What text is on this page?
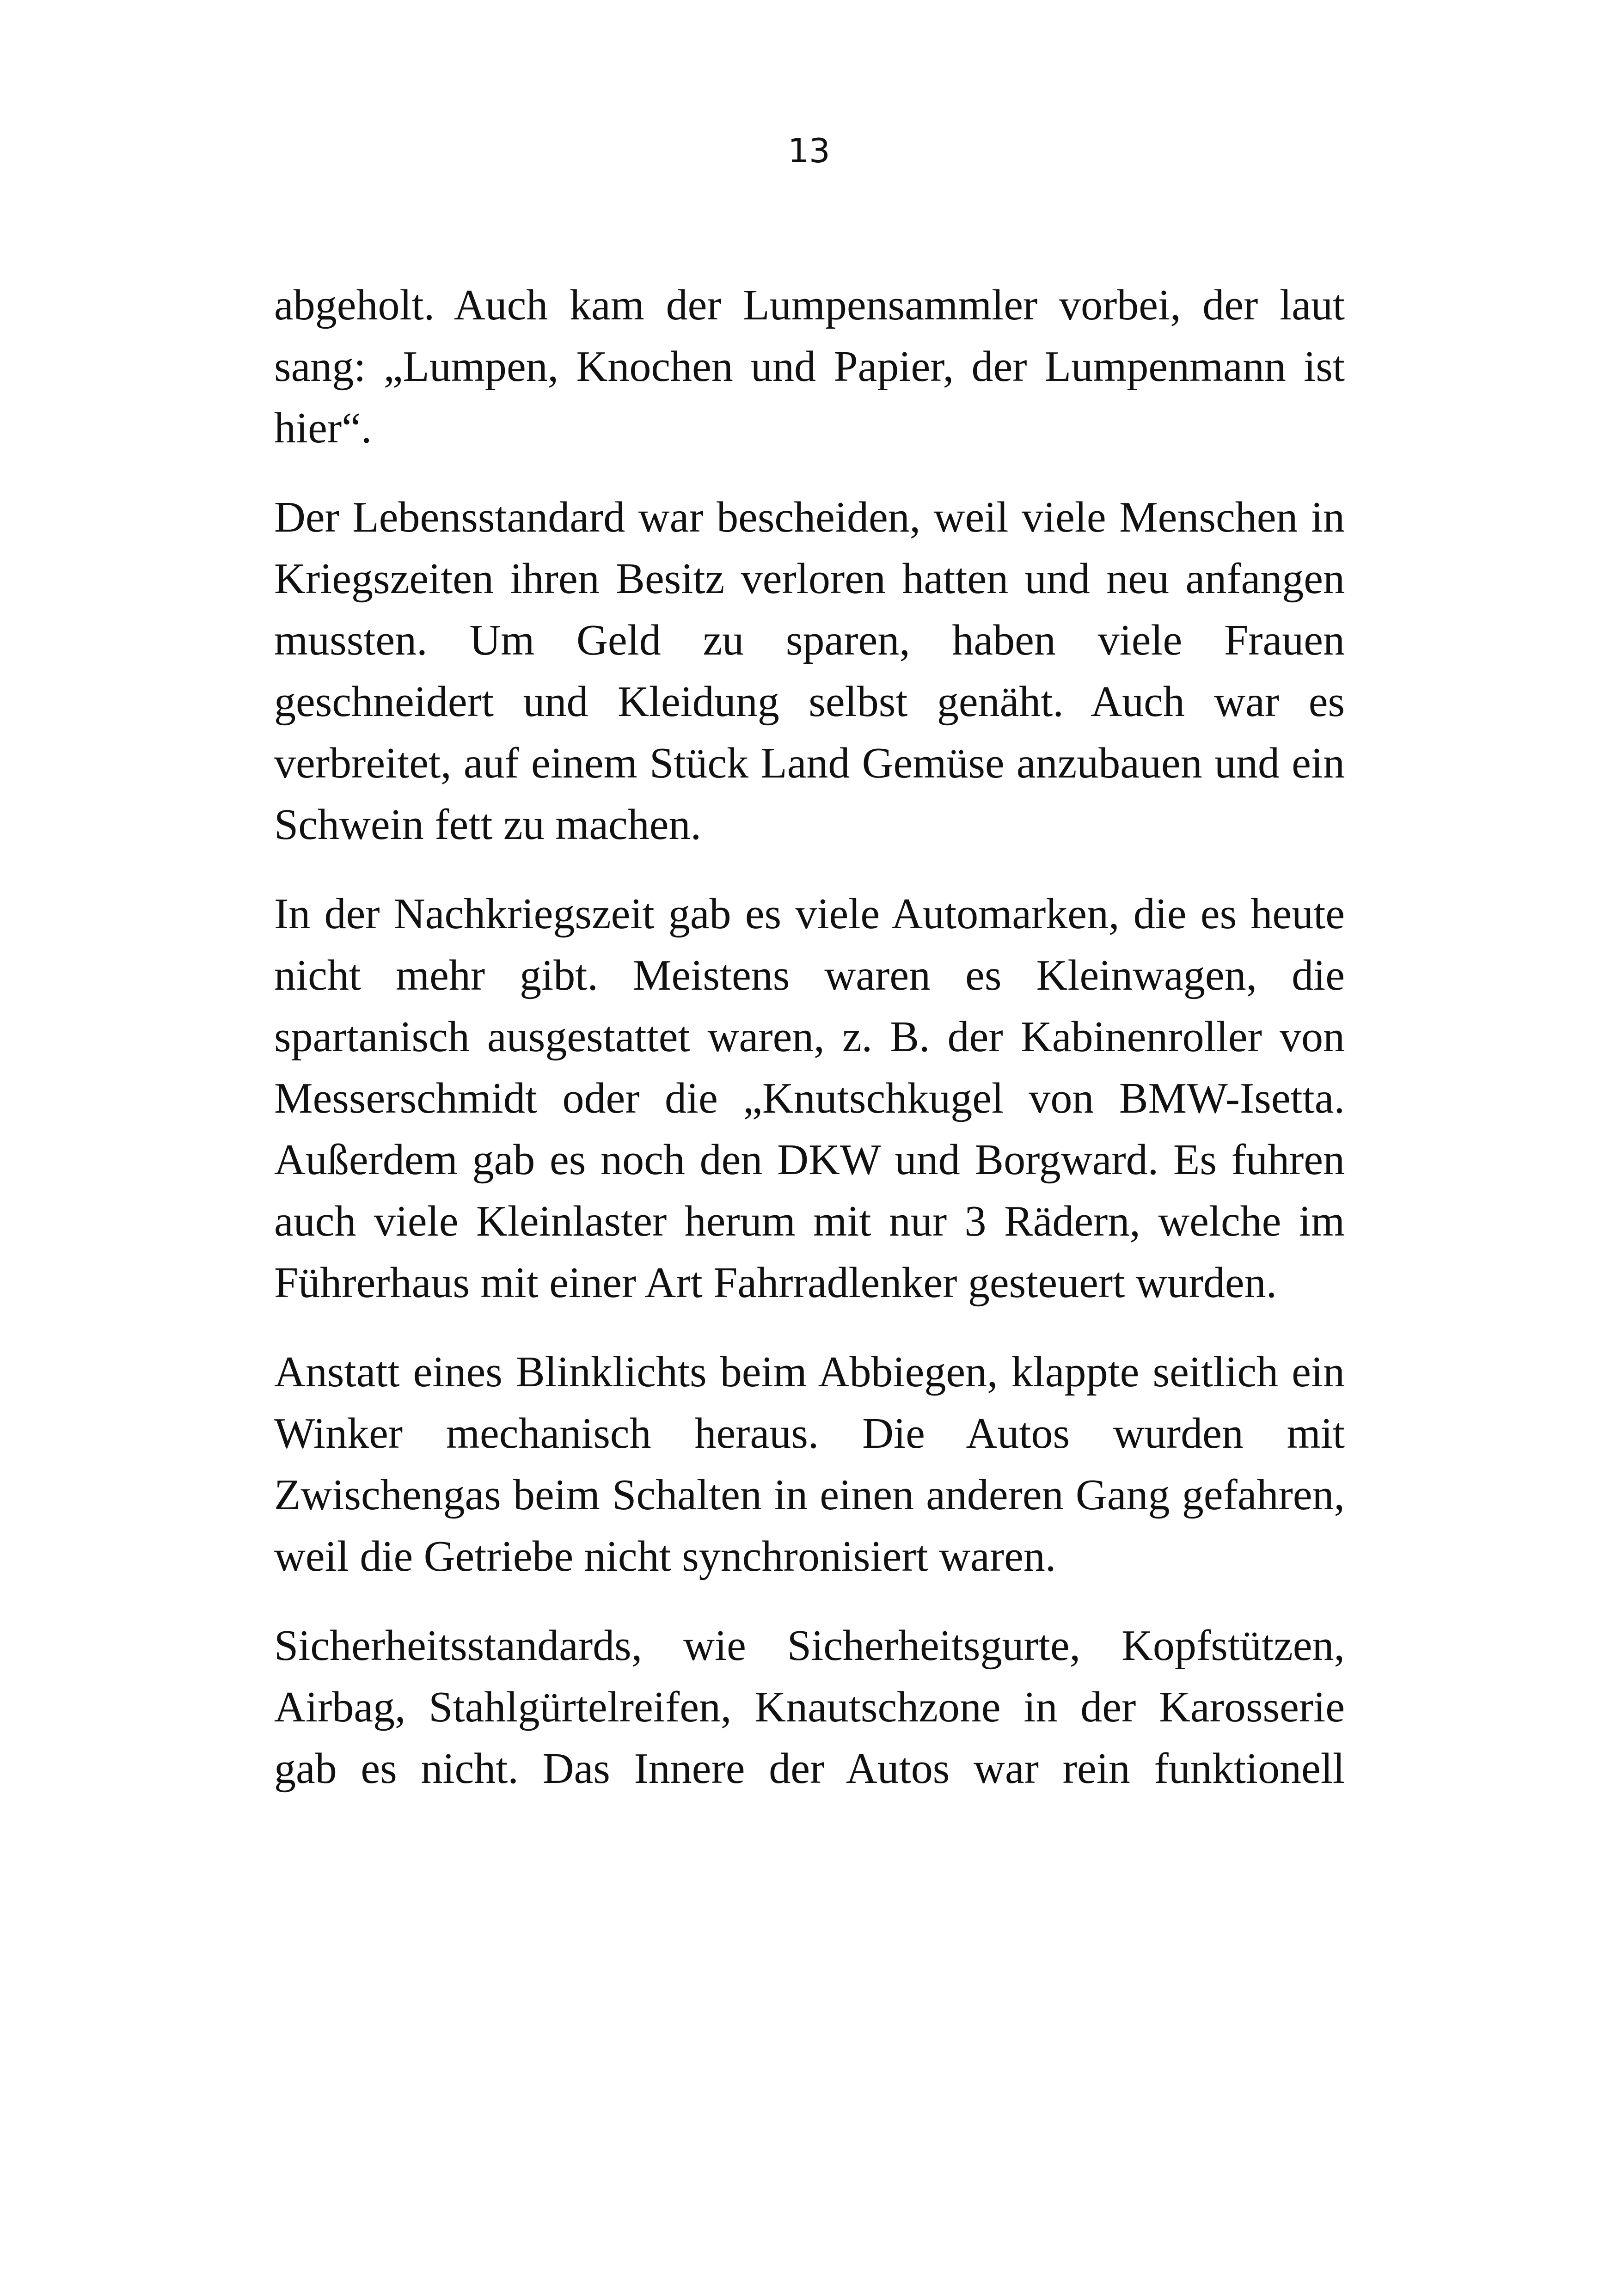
13

abgeholt. Auch kam der Lumpensammler vorbei, der laut sang: „Lumpen, Knochen und Papier, der Lumpenmann ist hier“.

Der Lebensstandard war bescheiden, weil viele Menschen in Kriegszeiten ihren Besitz verloren hatten und neu anfangen mussten. Um Geld zu sparen, haben viele Frauen geschneidert und Kleidung selbst genäht. Auch war es verbreitet, auf einem Stück Land Gemüse anzubauen und ein Schwein fett zu machen.

In der Nachkriegszeit gab es viele Automarken, die es heute nicht mehr gibt. Meistens waren es Kleinwagen, die spartanisch ausgestattet waren, z. B. der Kabinenroller von Messerschmidt oder die „Knutschkugel von BMW-Isetta. Außerdem gab es noch den DKW und Borgward. Es fuhren auch viele Kleinlaster herum mit nur 3 Rädern, welche im Führerhaus mit einer Art Fahrradlenker gesteuert wurden.

Anstatt eines Blinklichts beim Abbiegen, klappte seitlich ein Winker mechanisch heraus. Die Autos wurden mit Zwischengas beim Schalten in einen anderen Gang gefahren, weil die Getriebe nicht synchronisiert waren.

Sicherheitsstandards, wie Sicherheitsgurte, Kopfstützen, Airbag, Stahlgürtelreifen, Knautschzone in der Karosserie gab es nicht. Das Innere der Autos war rein funktionell
